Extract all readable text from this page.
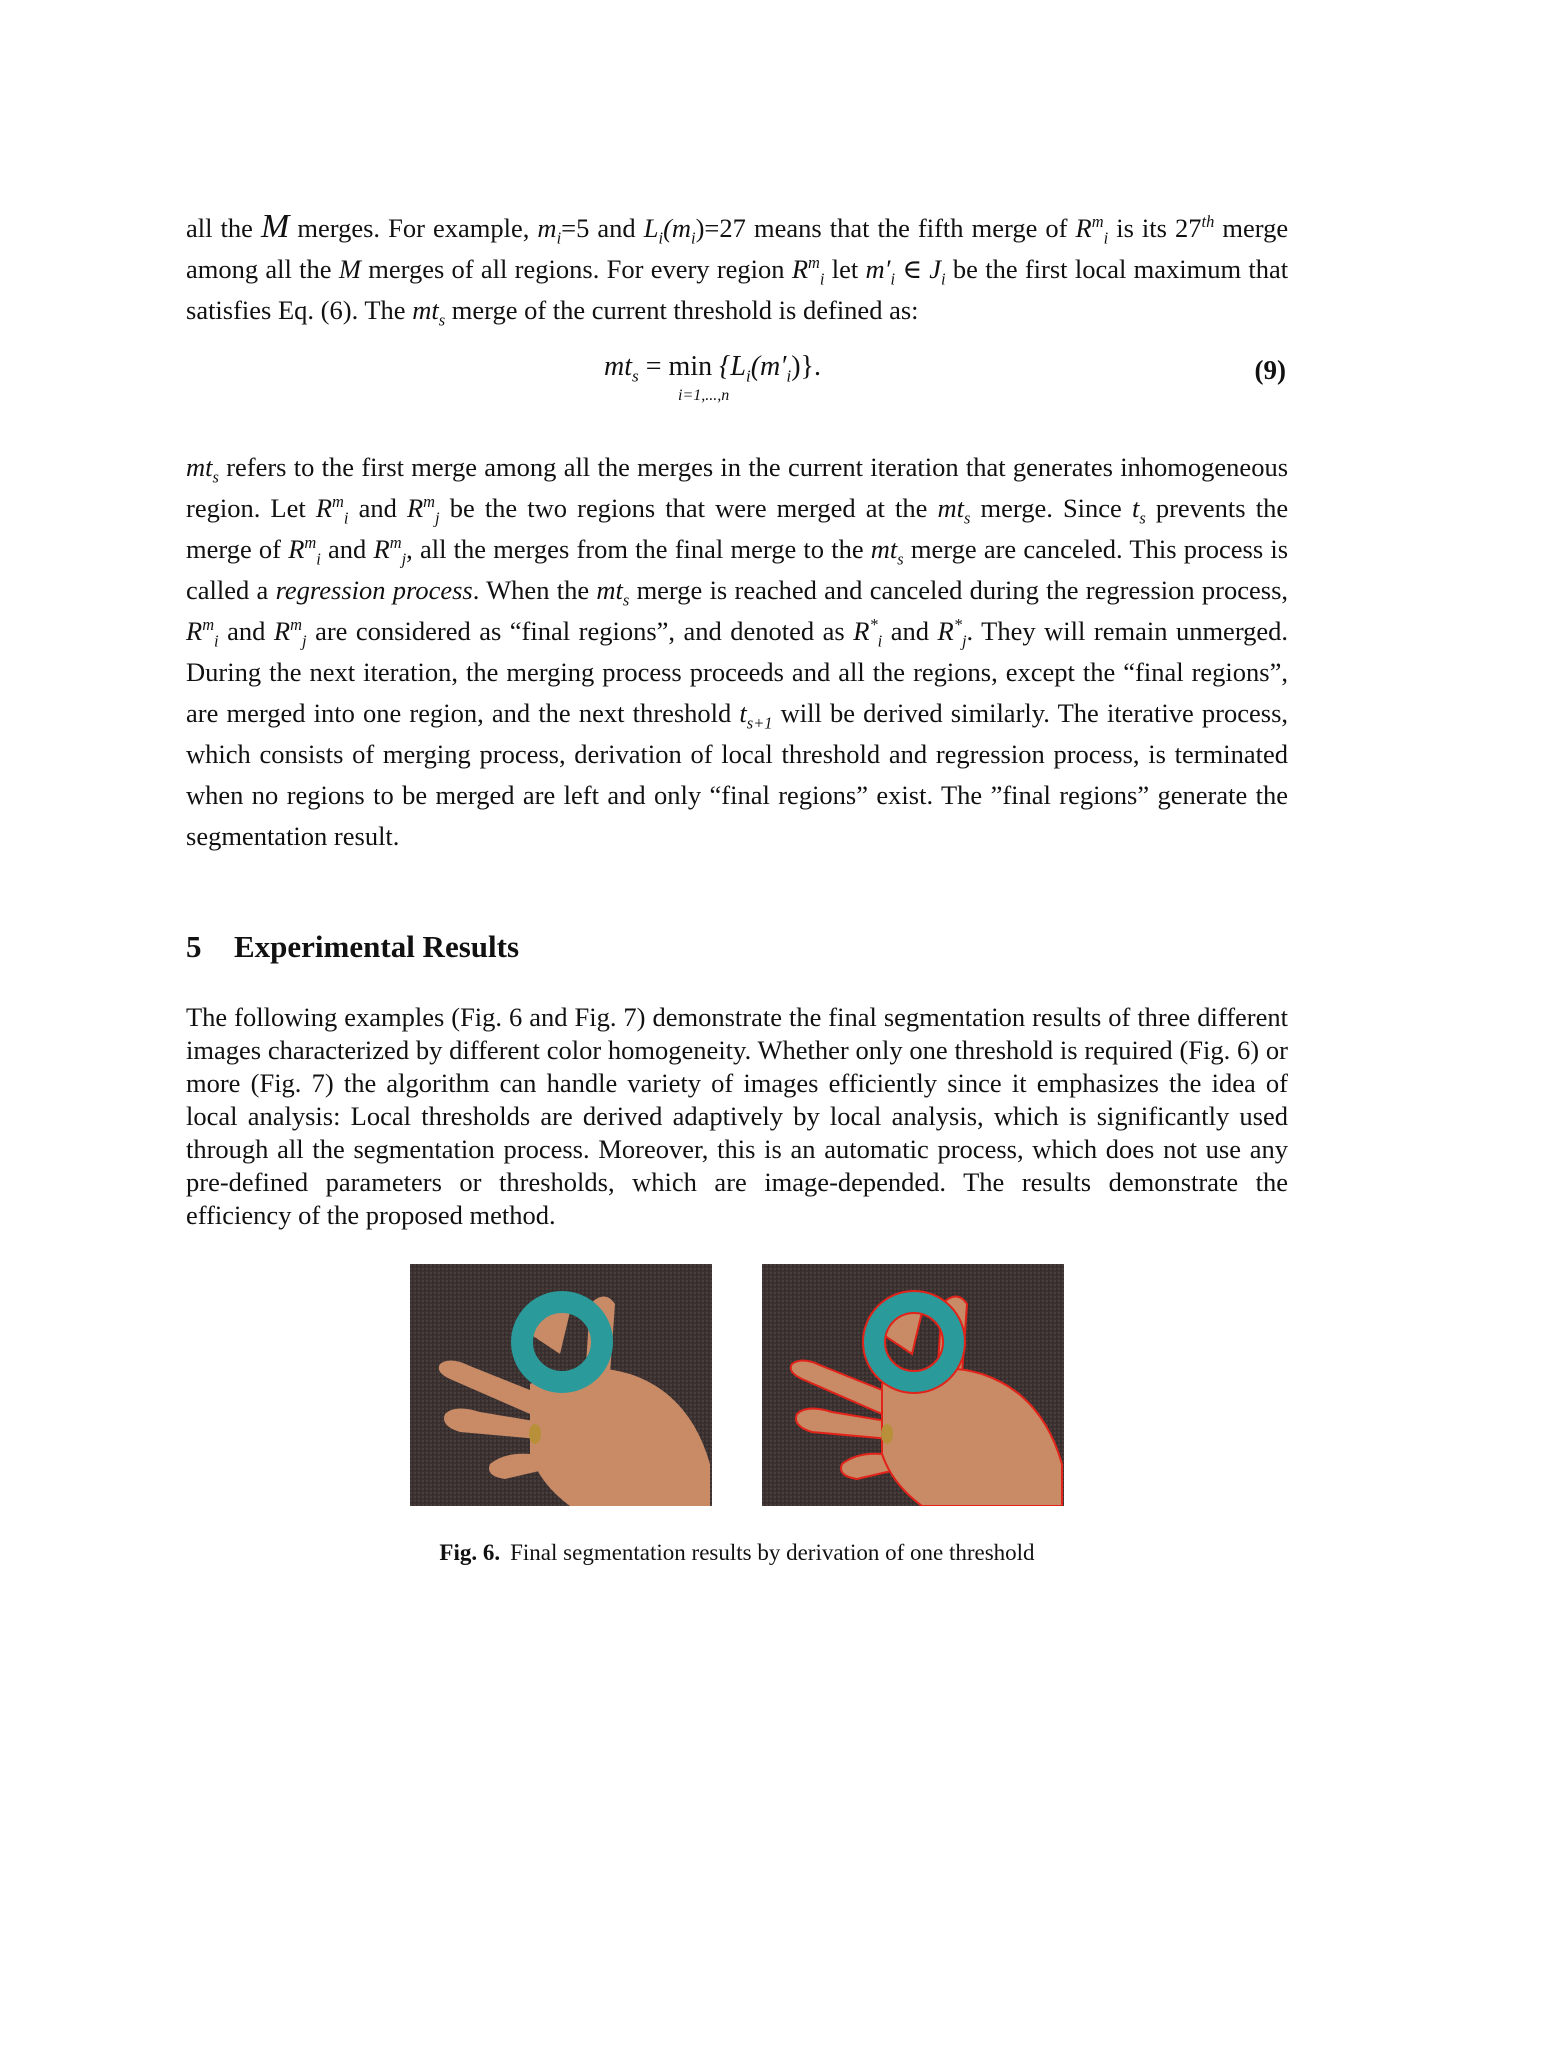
all the M merges. For example, $m_i=5$ and $L_i(m_i)=27$ means that the fifth merge of $R^m_i$ is its 27th merge among all the M merges of all regions. For every region $R^m_i$ let $m'_i$ ∈ $J_i$ be the first local maximum that satisfies Eq. (6). The $mt_s$ merge of the current threshold is defined as:

$mt_s = \min \{L_i(m'_i)\}$.
i=1,...,n
(9)

$mt_s$ refers to the first merge among all the merges in the current iteration that generates inhomogeneous region. Let $R^m_i$ and $R^m_j$ be the two regions that were merged at the $mt_s$ merge. Since $t_s$ prevents the merge of $R^m_i$ and $R^m_j$, all the merges from the final merge to the $mt_s$ merge are canceled. This process is called a regression process. When the $mt_s$ merge is reached and canceled during the regression process, $R^m_i$ and $R^m_j$ are considered as “final regions”, and denoted as $R^*_i$ and $R^*_j$. They will remain unmerged. During the next iteration, the merging process proceeds and all the regions, except the “final regions”, are merged into one region, and the next threshold $t_{s+1}$ will be derived similarly. The iterative process, which consists of merging process, derivation of local threshold and regression process, is terminated when no regions to be merged are left and only “final regions” exist. The ”final regions” generate the segmentation result.

5 Experimental Results

The following examples (Fig. 6 and Fig. 7) demonstrate the final segmentation results of three different images characterized by different color homogeneity. Whether only one threshold is required (Fig. 6) or more (Fig. 7) the algorithm can handle variety of images efficiently since it emphasizes the idea of local analysis: Local thresholds are derived adaptively by local analysis, which is significantly used through all the segmentation process. Moreover, this is an automatic process, which does not use any pre-defined parameters or thresholds, which are image-depended. The results demonstrate the efficiency of the proposed method.

Fig. 6. Final segmentation results by derivation of one threshold
